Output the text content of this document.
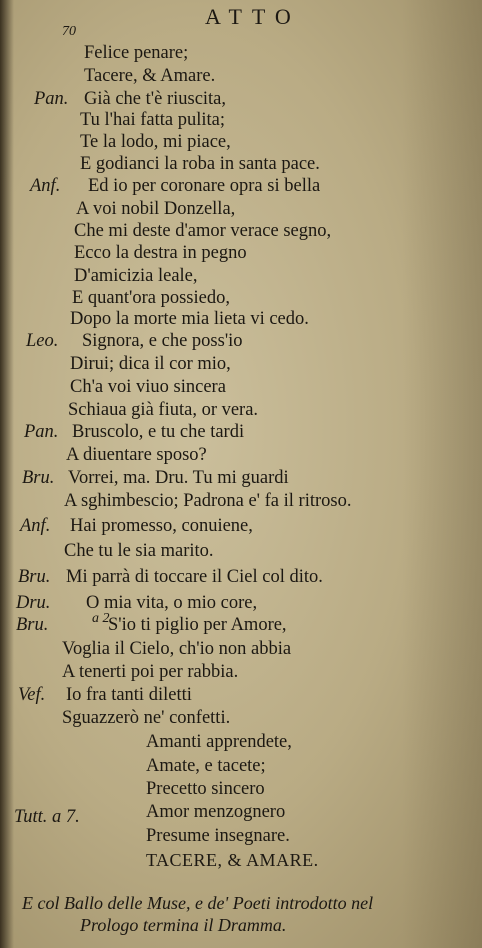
70
ATTO
Pan.
Anf.
Leo.
Pan.
Bru.
Anf.
Bru.
Dru.
Bru.
Vef.
Tutt. a 7.
a 2
Felice penare;
Tacere, & Amare.
Già che t'è riuscita,
Tu l'hai fatta pulita;
Te la lodo, mi piace,
E godianci la roba in santa pace.
Ed io per coronare opra si bella
A voi nobil Donzella,
Che mi deste d'amor verace segno,
Ecco la destra in pegno
D'amicizia leale,
E quant'ora possiedo,
Dopo la morte mia lieta vi cedo.
Signora, e che poss'io
Dirui; dica il cor mio,
Ch'a voi viuo sincera
Schiaua già fiuta, or vera.
Bruscolo, e tu che tardi
A diuentare sposo?
Vorrei, ma. Dru. Tu mi guardi
A sghimbescio; Padrona e' fa il ritroso.
Hai promesso, conuiene,
Che tu le sia marito.
Mi parrà di toccare il Ciel col dito.
O mia vita, o mio core,
S'io ti piglio per Amore,
Voglia il Cielo, ch'io non abbia
A tenerti poi per rabbia.
Io fra tanti diletti
Sguazzerò ne' confetti.
Amanti apprendete,
Amate, e tacete;
Precetto sincero
Amor menzognero
Presume insegnare.
TACERE, & AMARE.
E col Ballo delle Muse, e de' Poeti introdotto nel
Prologo termina il Dramma.
